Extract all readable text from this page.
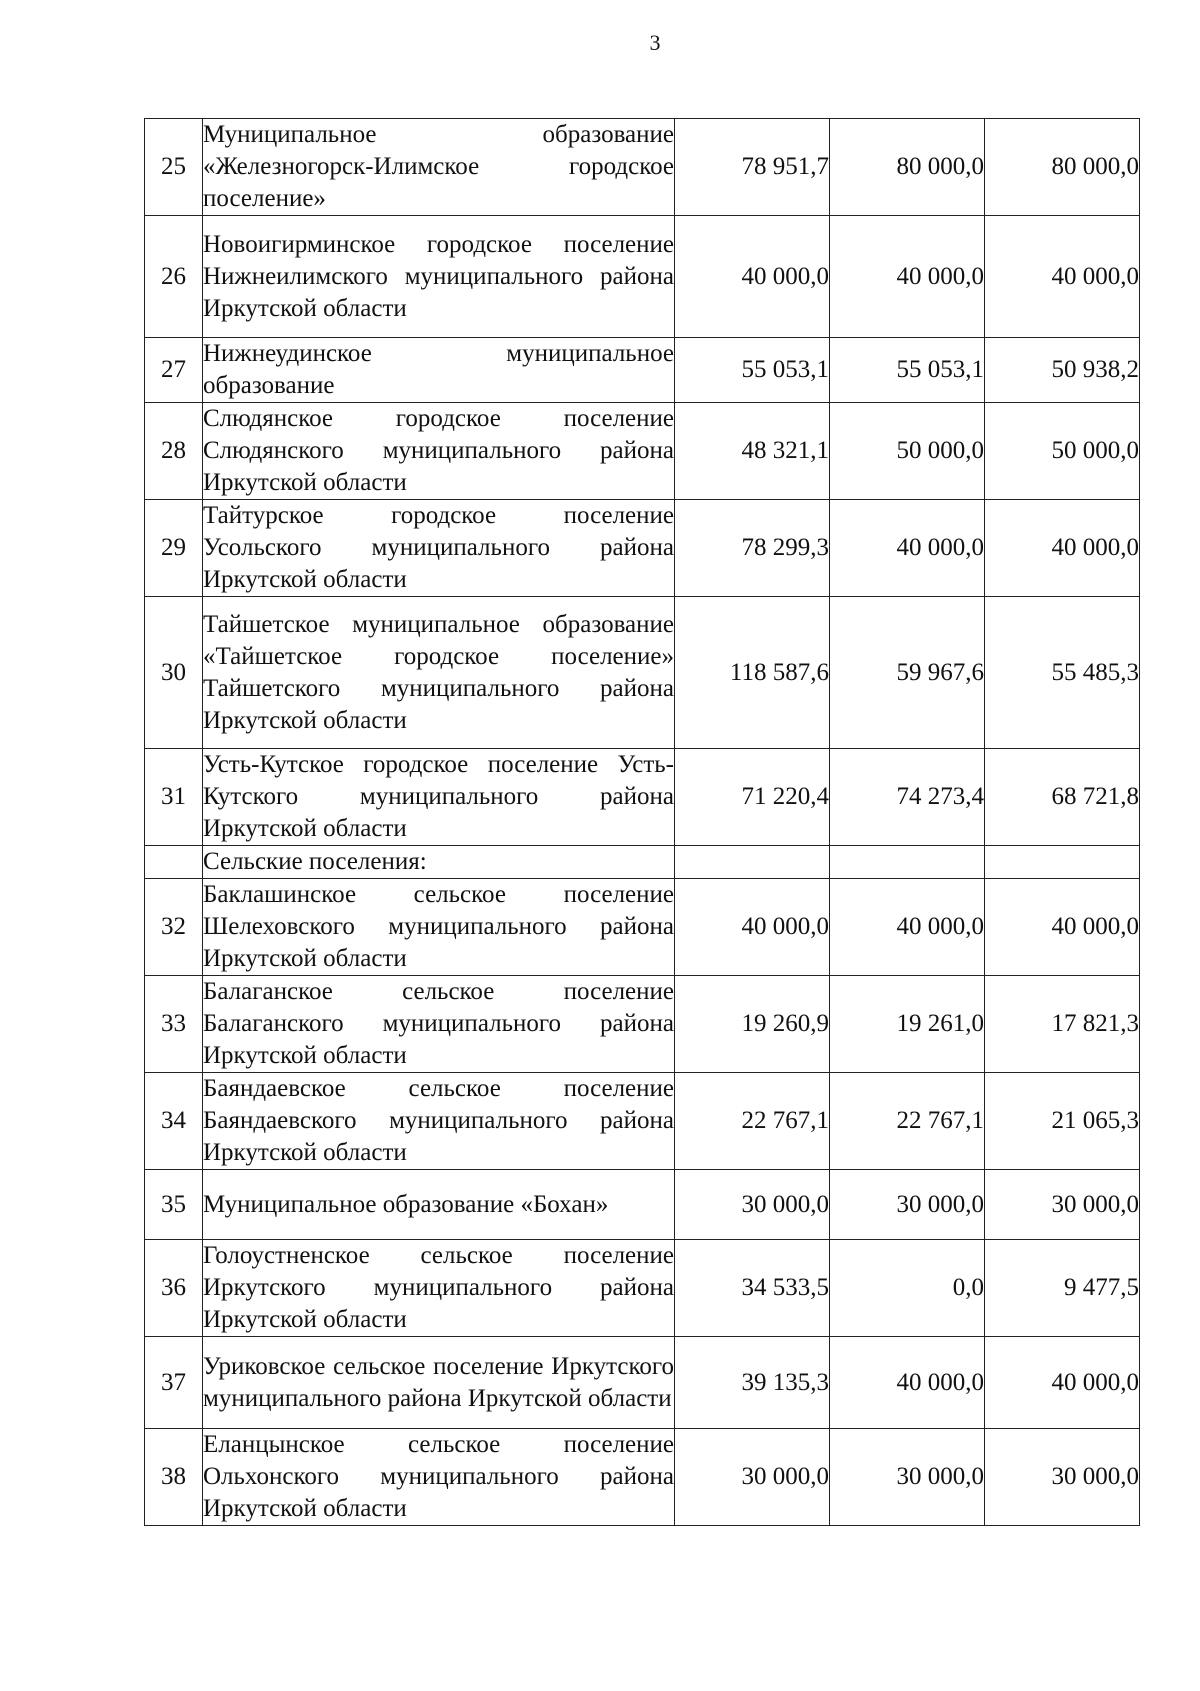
3
25	Муниципальное образование «Железногорск-Илимское городское поселение»	78 951,7	80 000,0	80 000,0
26	Новоигирминское городское поселение Нижнеилимского муниципального района Иркутской области	40 000,0	40 000,0	40 000,0
27	Нижнеудинское муниципальное образование	55 053,1	55 053,1	50 938,2
28	Слюдянское городское поселение Слюдянского муниципального района Иркутской области	48 321,1	50 000,0	50 000,0
29	Тайтурское городское поселение Усольского муниципального района Иркутской области	78 299,3	40 000,0	40 000,0
30	Тайшетское муниципальное образование «Тайшетское городское поселение» Тайшетского муниципального района Иркутской области	118 587,6	59 967,6	55 485,3
31	Усть-Кутское городское поселение Усть-Кутского муниципального района Иркутской области	71 220,4	74 273,4	68 721,8
	Сельские поселения:			
32	Баклашинское сельское поселение Шелеховского муниципального района Иркутской области	40 000,0	40 000,0	40 000,0
33	Балаганское сельское поселение Балаганского муниципального района Иркутской области	19 260,9	19 261,0	17 821,3
34	Баяндаевское сельское поселение Баяндаевского муниципального района Иркутской области	22 767,1	22 767,1	21 065,3
35	Муниципальное образование «Бохан»	30 000,0	30 000,0	30 000,0
36	Голоустненское сельское поселение Иркутского муниципального района Иркутской области	34 533,5	0,0	9 477,5
37	Уриковское сельское поселение Иркутского муниципального района Иркутской области	39 135,3	40 000,0	40 000,0
38	Еланцынское сельское поселение Ольхонского муниципального района Иркутской области	30 000,0	30 000,0	30 000,0
